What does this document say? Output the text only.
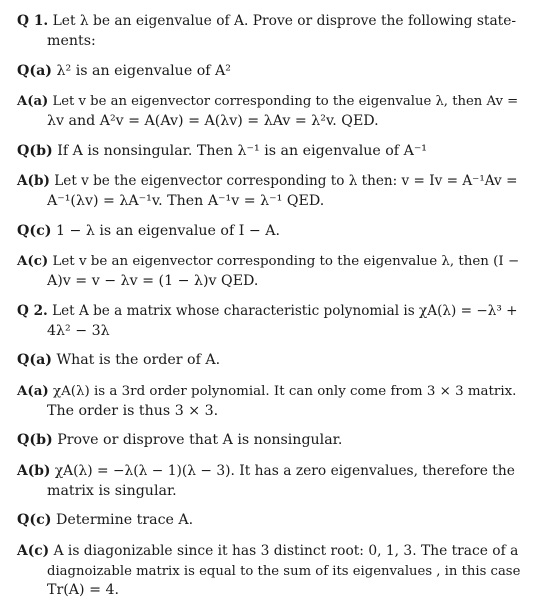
Q 1. Let λ be an eigenvalue of A. Prove or disprove the following state-
ments:
Q(a) λ² is an eigenvalue of A²
A(a) Let v be an eigenvector corresponding to the eigenvalue λ, then Av =
λv and A²v = A(Av) = A(λv) = λAv = λ²v. QED.
Q(b) If A is nonsingular. Then λ⁻¹ is an eigenvalue of A⁻¹
A(b) Let v be the eigenvector corresponding to λ then: v = Iv = A⁻¹Av =
A⁻¹(λv) = λA⁻¹v. Then A⁻¹v = λ⁻¹ QED.
Q(c) 1 − λ is an eigenvalue of I − A.
A(c) Let v be an eigenvector corresponding to the eigenvalue λ, then (I −
A)v = v − λv = (1 − λ)v QED.
Q 2. Let A be a matrix whose characteristic polynomial is χA(λ) = −λ³ +
4λ² − 3λ
Q(a) What is the order of A.
A(a) χA(λ) is a 3rd order polynomial. It can only come from 3 × 3 matrix.
The order is thus 3 × 3.
Q(b) Prove or disprove that A is nonsingular.
A(b) χA(λ) = −λ(λ − 1)(λ − 3). It has a zero eigenvalues, therefore the
matrix is singular.
Q(c) Determine trace A.
A(c) A is diagonizable since it has 3 distinct root: 0, 1, 3. The trace of a
diagnoizable matrix is equal to the sum of its eigenvalues , in this case
Tr(A) = 4.
